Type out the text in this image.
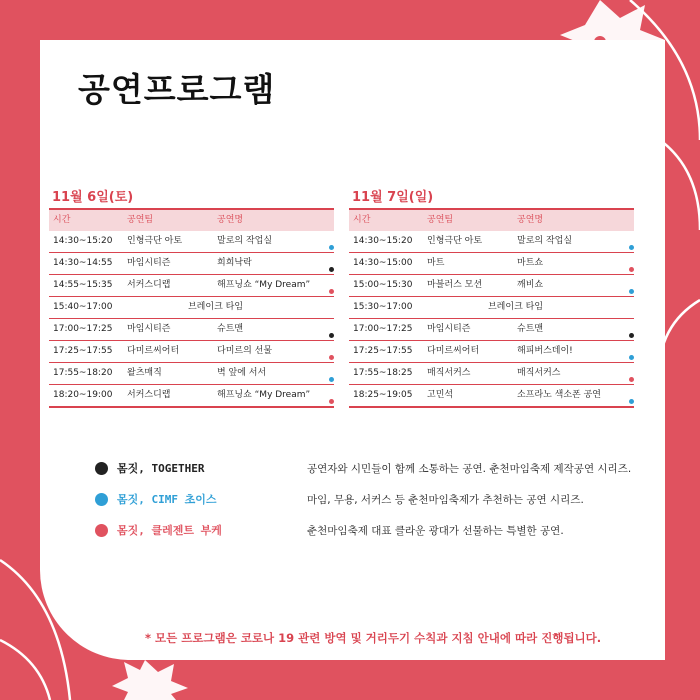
공연프로그램
11월 6일(토)
시간	공연팀	공연명
14:30~15:20	인형극단 아토	말로의 작업실
14:30~14:55	마임시티즌	희희낙락
14:55~15:35	서커스디랩	해프닝쇼 “My Dream”
15:40~17:00	브레이크 타임
17:00~17:25	마임시티즌	슈트맨
17:25~17:55	다미르씨어터	다미르의 선물
17:55~18:20	왈츠매직	벽 앞에 서서
18:20~19:00	서커스디랩	해프닝쇼 “My Dream”
11월 7일(일)
시간	공연팀	공연명
14:30~15:20	인형극단 아토	말로의 작업실
14:30~15:00	마트	마트쇼
15:00~15:30	마블러스 모션	깨비쇼
15:30~17:00	브레이크 타임
17:00~17:25	마임시티즌	슈트맨
17:25~17:55	다미르씨어터	해피버스데이!
17:55~18:25	매직서커스	매직서커스
18:25~19:05	고민석	소프라노 색소폰 공연
몸짓, TOGETHER	공연자와 시민들이 함께 소통하는 공연. 춘천마임축제 제작공연 시리즈.
몸짓, CIMF 초이스	마임, 무용, 서커스 등 춘천마임축제가 추천하는 공연 시리즈.
몸짓, 클레젠트 부케	춘천마임축제 대표 클라운 광대가 선물하는 특별한 공연.
* 모든 프로그램은 코로나 19 관련 방역 및 거리두기 수칙과 지침 안내에 따라 진행됩니다.
